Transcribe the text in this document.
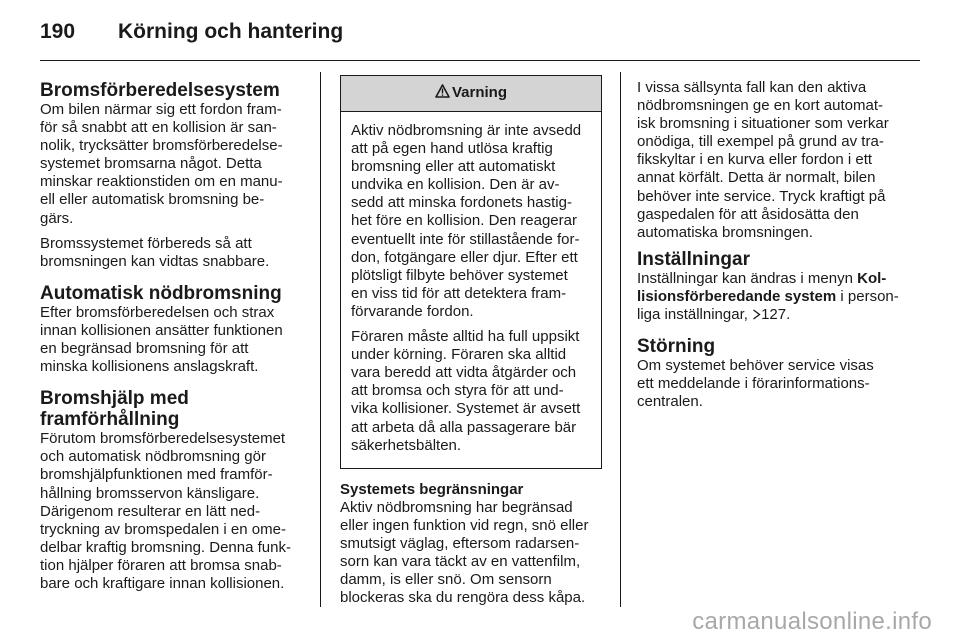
190 Körning och hantering
Bromsförberedelsesystem

Om bilen närmar sig ett fordon fram-
för så snabbt att en kollision är san-
nolik, trycksätter bromsförberedelse-
systemet bromsarna något. Detta
minskar reaktionstiden om en manu-
ell eller automatisk bromsning be-
gärs.

Bromssystemet förbereds så att
bromsningen kan vidtas snabbare.

Automatisk nödbromsning

Efter bromsförberedelsen och strax
innan kollisionen ansätter funktionen
en begränsad bromsning för att
minska kollisionens anslagskraft.

Bromshjälp med framförhållning

Förutom bromsförberedelsesystemet
och automatisk nödbromsning gör
bromshjälpfunktionen med framför-
hållning bromsservon känsligare.
Därigenom resulterar en lätt ned-
tryckning av bromspedalen i en ome-
delbar kraftig bromsning. Denna funk-
tion hjälper föraren att bromsa snab-
bare och kraftigare innan kollisionen.

Varning

Aktiv nödbromsning är inte avsedd
att på egen hand utlösa kraftig
bromsning eller att automatiskt
undvika en kollision. Den är av-
sedd att minska fordonets hastig-
het före en kollision. Den reagerar
eventuellt inte för stillastående for-
don, fotgängare eller djur. Efter ett
plötsligt filbyte behöver systemet
en viss tid för att detektera fram-
förvarande fordon.

Föraren måste alltid ha full uppsikt
under körning. Föraren ska alltid
vara beredd att vidta åtgärder och
att bromsa och styra för att und-
vika kollisioner. Systemet är avsett
att arbeta då alla passagerare bär
säkerhetsbälten.

Systemets begränsningar

Aktiv nödbromsning har begränsad
eller ingen funktion vid regn, snö eller
smutsigt väglag, eftersom radarsen-
sorn kan vara täckt av en vattenfilm,
damm, is eller snö. Om sensorn
blockeras ska du rengöra dess kåpa.

I vissa sällsynta fall kan den aktiva
nödbromsningen ge en kort automat-
isk bromsning i situationer som verkar
onödiga, till exempel på grund av tra-
fikskyltar i en kurva eller fordon i ett
annat körfält. Detta är normalt, bilen
behöver inte service. Tryck kraftigt på
gaspedalen för att åsidosätta den
automatiska bromsningen.

Inställningar

Inställningar kan ändras i menyn Kol-
lisionsförberedande system i person-
liga inställningar, 127.

Störning

Om systemet behöver service visas
ett meddelande i förarinformations-
centralen.

carmanualsonline.info
